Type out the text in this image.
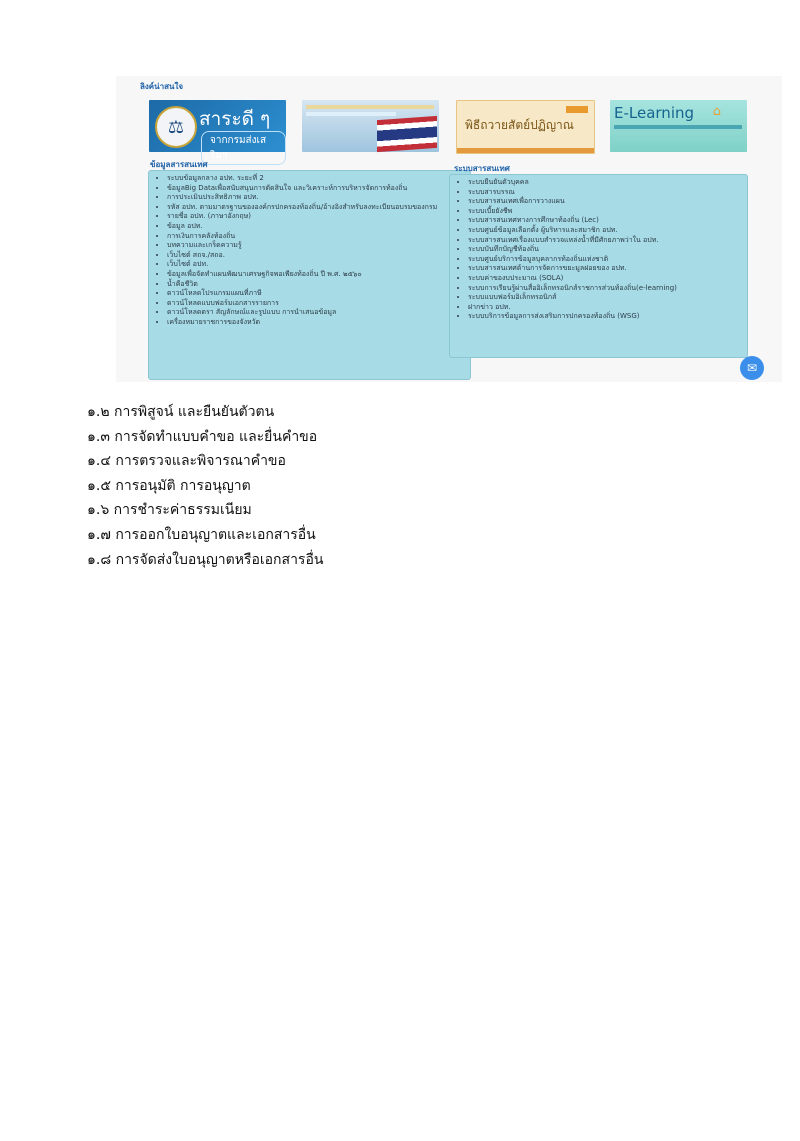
ลิงค์น่าสนใจ
⚖ สาระดี ๆ
จากกรมส่งเสริมฯ
พิธีถวายสัตย์ปฏิญาณ
E-Learning ⌂
ข้อมูลสารสนเทศ
• ระบบข้อมูลกลาง อปท. ระยะที่ 2
• ข้อมูลBig Dataเพื่อสนับสนุนการตัดสินใจ และวิเคราะห์การบริหารจัดการท้องถิ่น
• การประเมินประสิทธิภาพ อปท.
• รหัส อปท. ตามมาตรฐานขององค์กรปกครองท้องถิ่น/อ้างอิงสำหรับลงทะเบียนอบรมของกรม
• รายชื่อ อปท. (ภาษาอังกฤษ)
• ข้อมูล อปท.
• การเงินการคลังท้องถิ่น
• บทความและเกร็ดความรู้
• เว็บไซต์ สถจ./สถอ.
• เว็บไซต์ อปท.
• ข้อมูลเพื่อจัดทำแผนพัฒนาเศรษฐกิจพอเพียงท้องถิ่น ปี พ.ศ. ๒๕๖๐
• น้ำคือชีวิต
• ดาวน์โหลดโปรแกรมแผนที่ภาษี
• ดาวน์โหลดแบบฟอร์มเอกสารรายการ
• ดาวน์โหลดตรา สัญลักษณ์และรูปแบบ การนำเสนอข้อมูล
• เครื่องหมายราชการของจังหวัด
ระบบสารสนเทศ
• ระบบยืนยันตัวบุคคล
• ระบบสารบรรณ
• ระบบสารสนเทศเพื่อการวางแผน
• ระบบเบี้ยยังชีพ
• ระบบสารสนเทศทางการศึกษาท้องถิ่น (Lec)
• ระบบศูนย์ข้อมูลเลือกตั้ง ผู้บริหารและสมาชิก อปท.
• ระบบสารสนเทศเรื่องแบบสำรวจแหล่งน้ำที่มีศักยภาพว่าใน อปท.
• ระบบบันทึกบัญชีท้องถิ่น
• ระบบศูนย์บริการข้อมูลบุคลากรท้องถิ่นแห่งชาติ
• ระบบสารสนเทศด้านการจัดการขยะมูลฝอยของ อปท.
• ระบบค่าของบประมาณ (SOLA)
• ระบบการเรียนรู้ผ่านสื่ออิเล็กทรอนิกส์ราชการส่วนท้องถิ่น(e-learning)
• ระบบแบบฟอร์มอิเล็กทรอนิกส์
• ฝากข่าว อปท.
• ระบบบริการข้อมูลการส่งเสริมการปกครองท้องถิ่น (WSG)
✉
๑.๒ การพิสูจน์ และยืนยันตัวตน
๑.๓ การจัดทำแบบคำขอ และยื่นคำขอ
๑.๔ การตรวจและพิจารณาคำขอ
๑.๕ การอนุมัติ การอนุญาต
๑.๖ การชำระค่าธรรมเนียม
๑.๗ การออกใบอนุญาตและเอกสารอื่น
๑.๘ การจัดส่งใบอนุญาตหรือเอกสารอื่น
